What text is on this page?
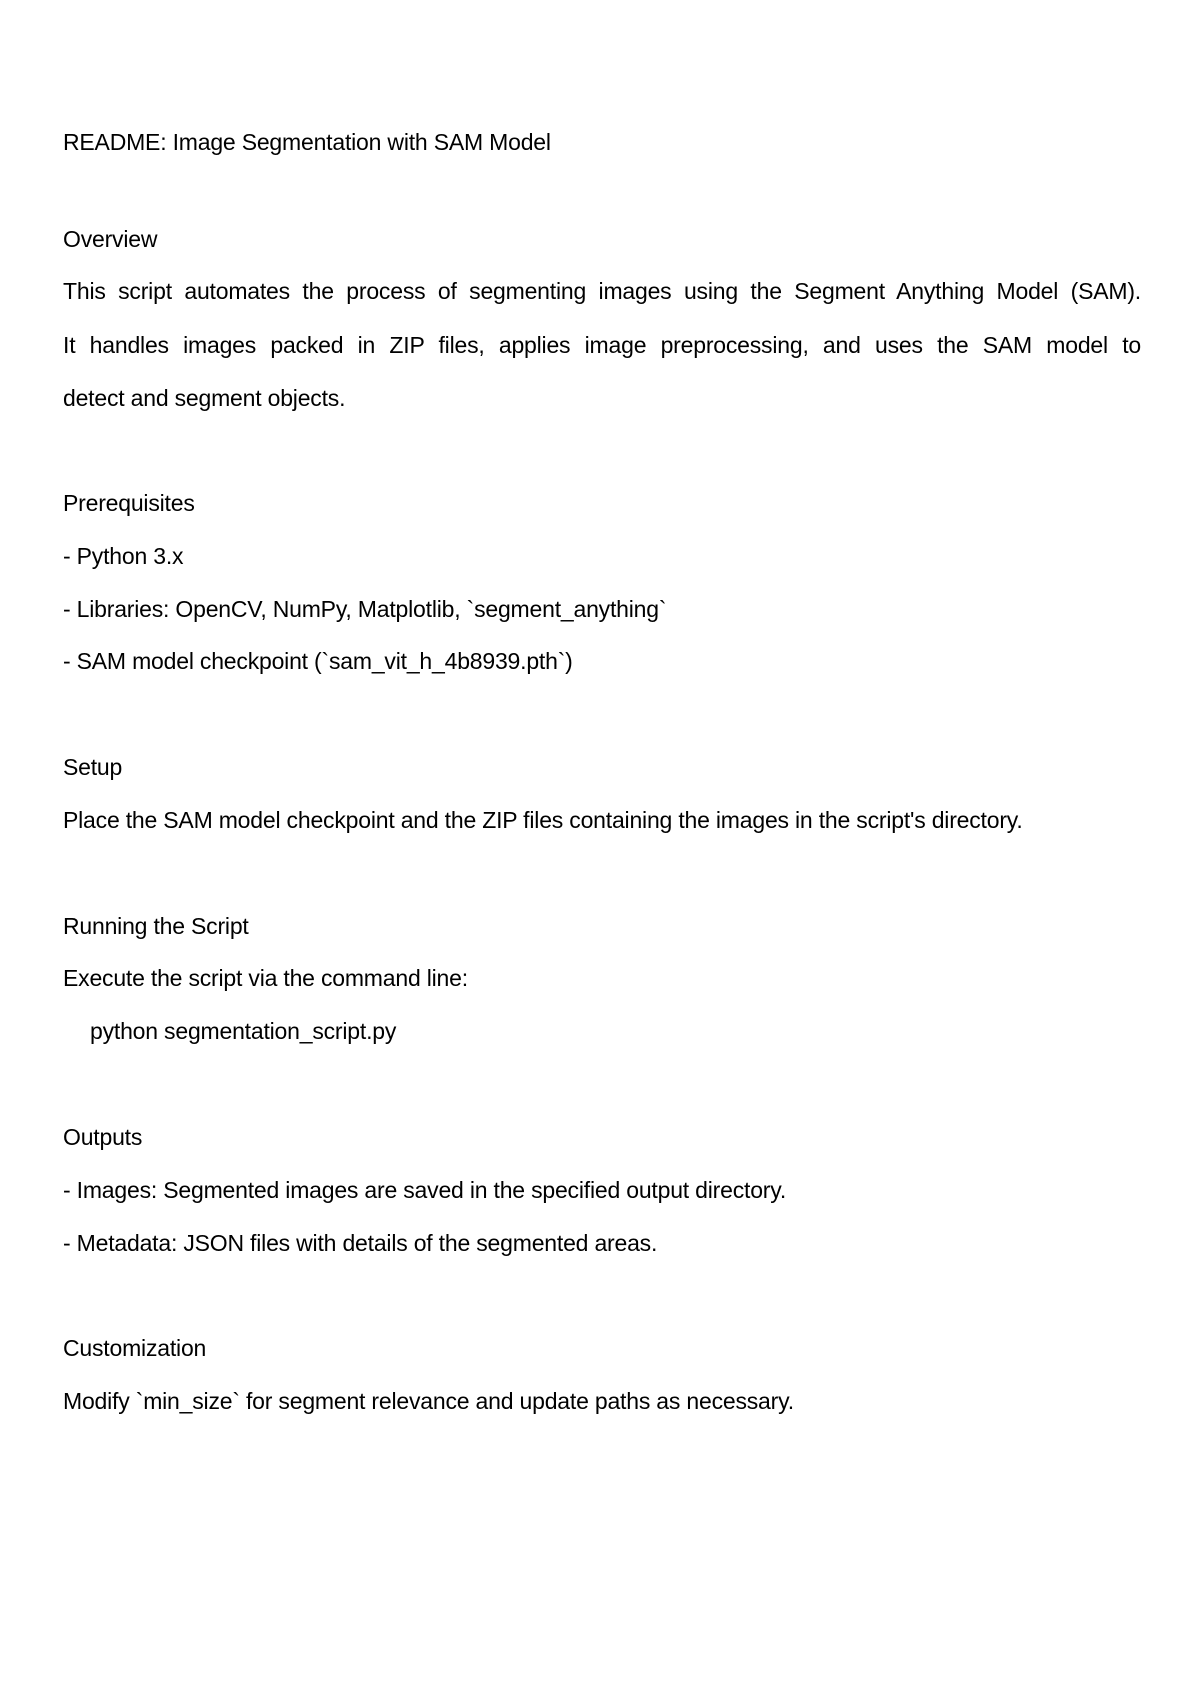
README: Image Segmentation with SAM Model
Overview
This script automates the process of segmenting images using the Segment Anything Model (SAM).
It handles images packed in ZIP files, applies image preprocessing, and uses the SAM model to
detect and segment objects.
Prerequisites
- Python 3.x
- Libraries: OpenCV, NumPy, Matplotlib, `segment_anything`
- SAM model checkpoint (`sam_vit_h_4b8939.pth`)
Setup
Place the SAM model checkpoint and the ZIP files containing the images in the script's directory.
Running the Script
Execute the script via the command line:
python segmentation_script.py
Outputs
- Images: Segmented images are saved in the specified output directory.
- Metadata: JSON files with details of the segmented areas.
Customization
Modify `min_size` for segment relevance and update paths as necessary.
